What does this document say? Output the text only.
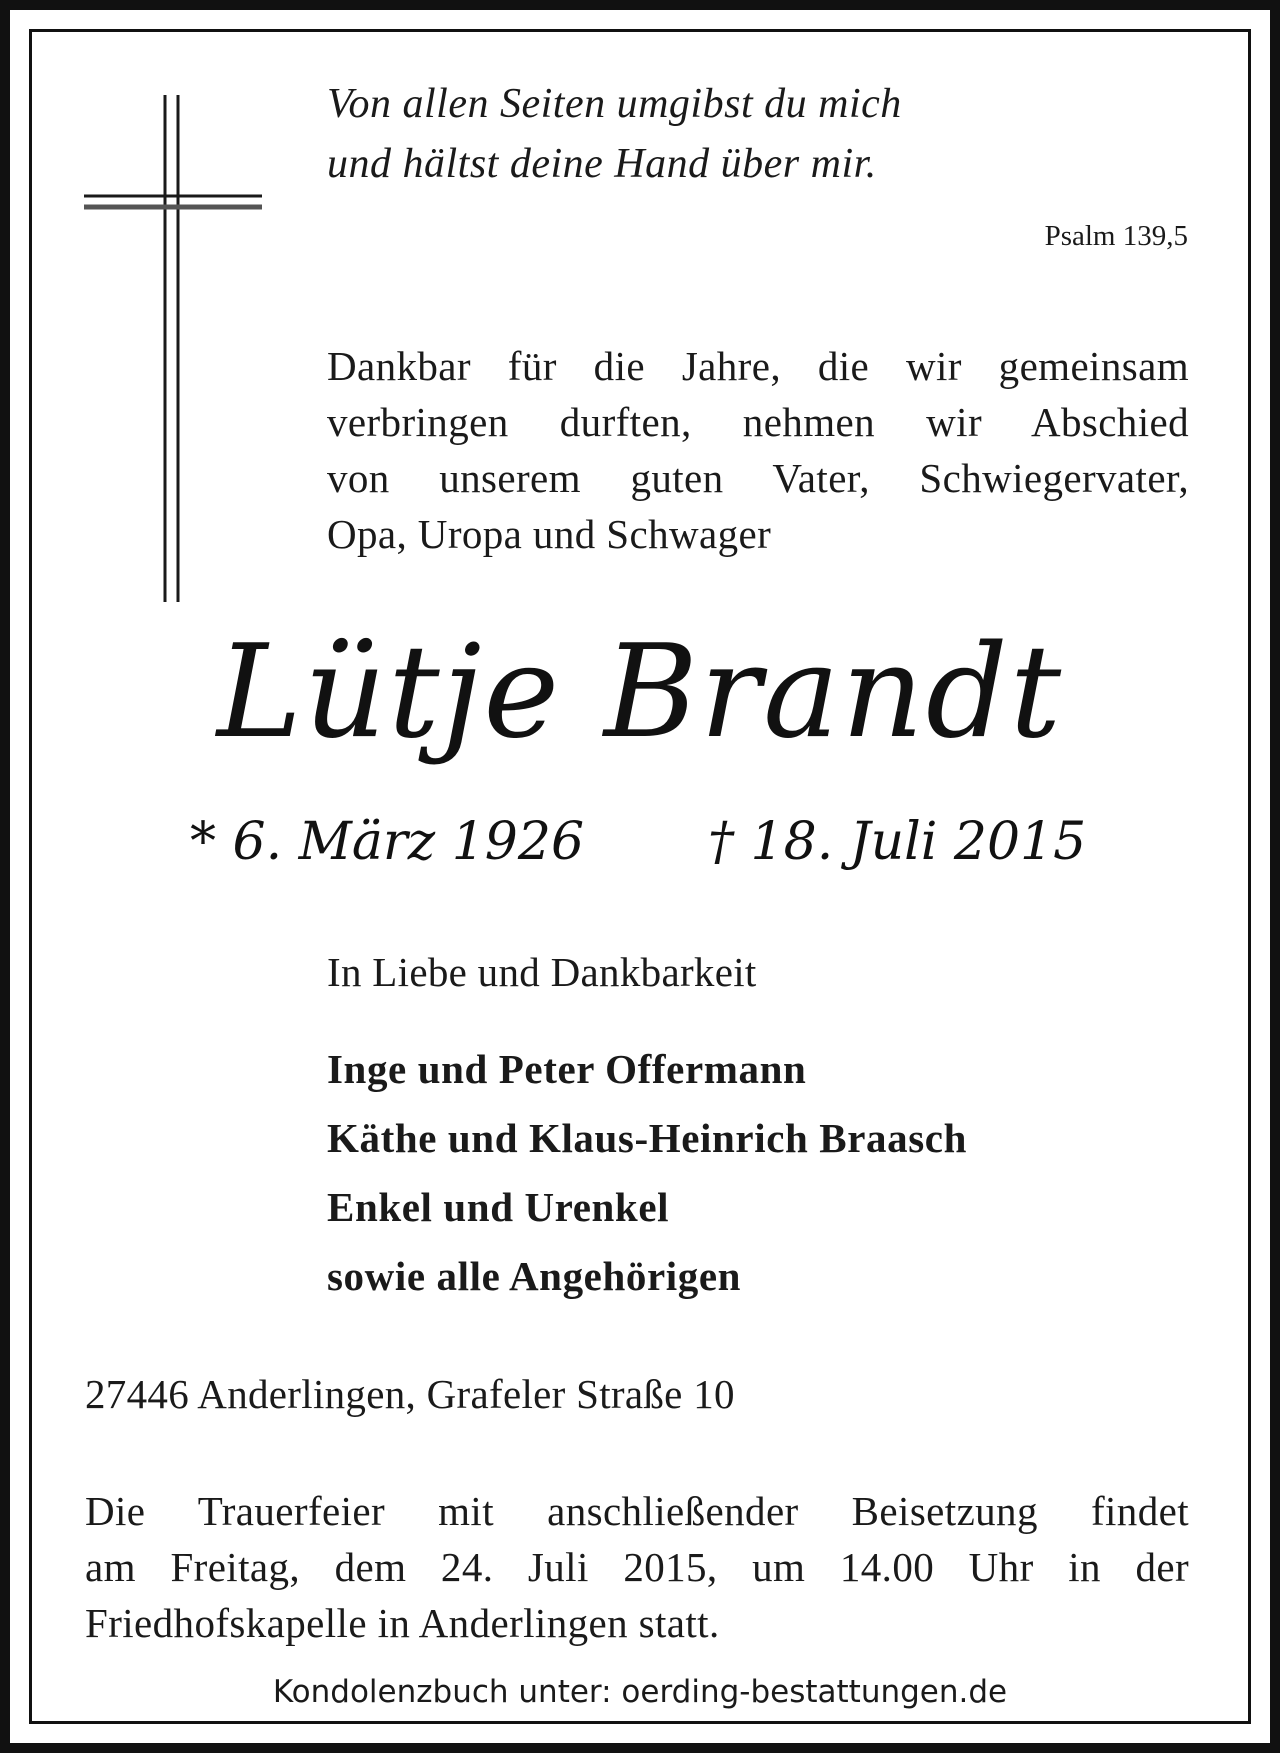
Von allen Seiten umgibst du mich
und hältst deine Hand über mir.
Psalm 139,5
Dankbar für die Jahre, die wir gemeinsam
verbringen durften, nehmen wir Abschied
von unserem guten Vater, Schwiegervater,
Opa, Uropa und Schwager
Lütje Brandt
* 6. März 1926 † 18. Juli 2015
In Liebe und Dankbarkeit
Inge und Peter Offermann
Käthe und Klaus-Heinrich Braasch
Enkel und Urenkel
sowie alle Angehörigen
27446 Anderlingen, Grafeler Straße 10
Die Trauerfeier mit anschließender Beisetzung findet
am Freitag, dem 24. Juli 2015, um 14.00 Uhr in der
Friedhofskapelle in Anderlingen statt.
Kondolenzbuch unter: oerding-bestattungen.de
